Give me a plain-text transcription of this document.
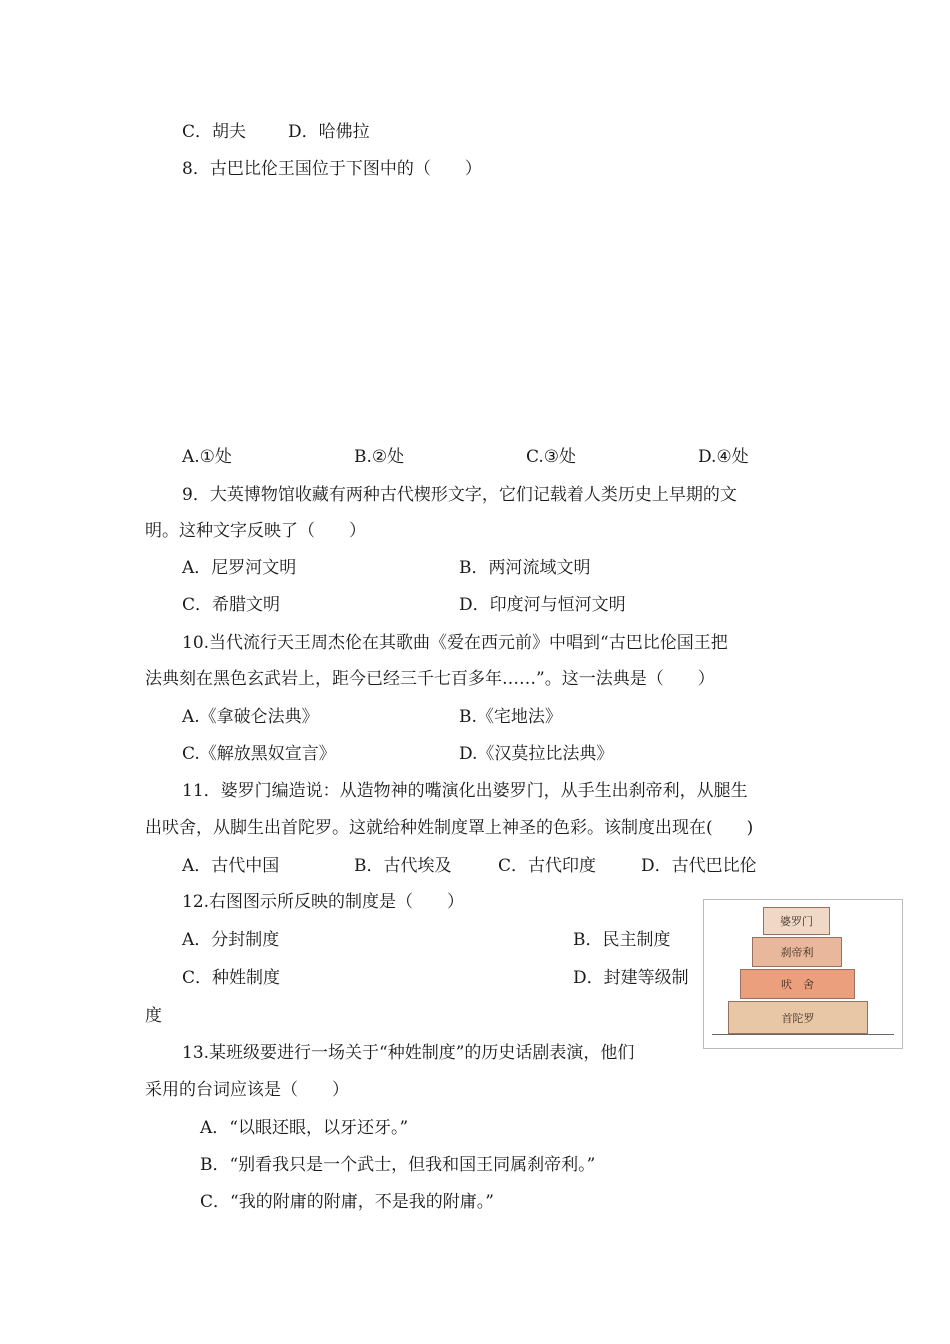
C．胡夫 D．哈佛拉
8．古巴比伦王国位于下图中的（　　）
A.①处	B.②处	C.③处	D.④处
9．大英博物馆收藏有两种古代楔形文字，它们记载着人类历史上早期的文
明。这种文字反映了（　　）
A．尼罗河文明	B．两河流域文明
C．希腊文明	D．印度河与恒河文明
10.当代流行天王周杰伦在其歌曲《爱在西元前》中唱到“古巴比伦国王把
法典刻在黑色玄武岩上，距今已经三千七百多年……”。这一法典是（　　）
A.《拿破仑法典》	B.《宅地法》
C.《解放黑奴宣言》	D.《汉莫拉比法典》
11．婆罗门编造说：从造物神的嘴演化出婆罗门，从手生出刹帝利，从腿生
出吠舍，从脚生出首陀罗。这就给种姓制度罩上神圣的色彩。该制度出现在(　　)
A．古代中国	B．古代埃及	C．古代印度	D．古代巴比伦
12.右图图示所反映的制度是（　　）
A．分封制度	B．民主制度
C．种姓制度	D．封建等级制
度
婆罗门
刹帝利
吠　舍
首陀罗
13.某班级要进行一场关于“种姓制度”的历史话剧表演，他们
采用的台词应该是（　　）
A．“以眼还眼，以牙还牙。”
B．“别看我只是一个武士，但我和国王同属刹帝利。”
C．“我的附庸的附庸，不是我的附庸。”
